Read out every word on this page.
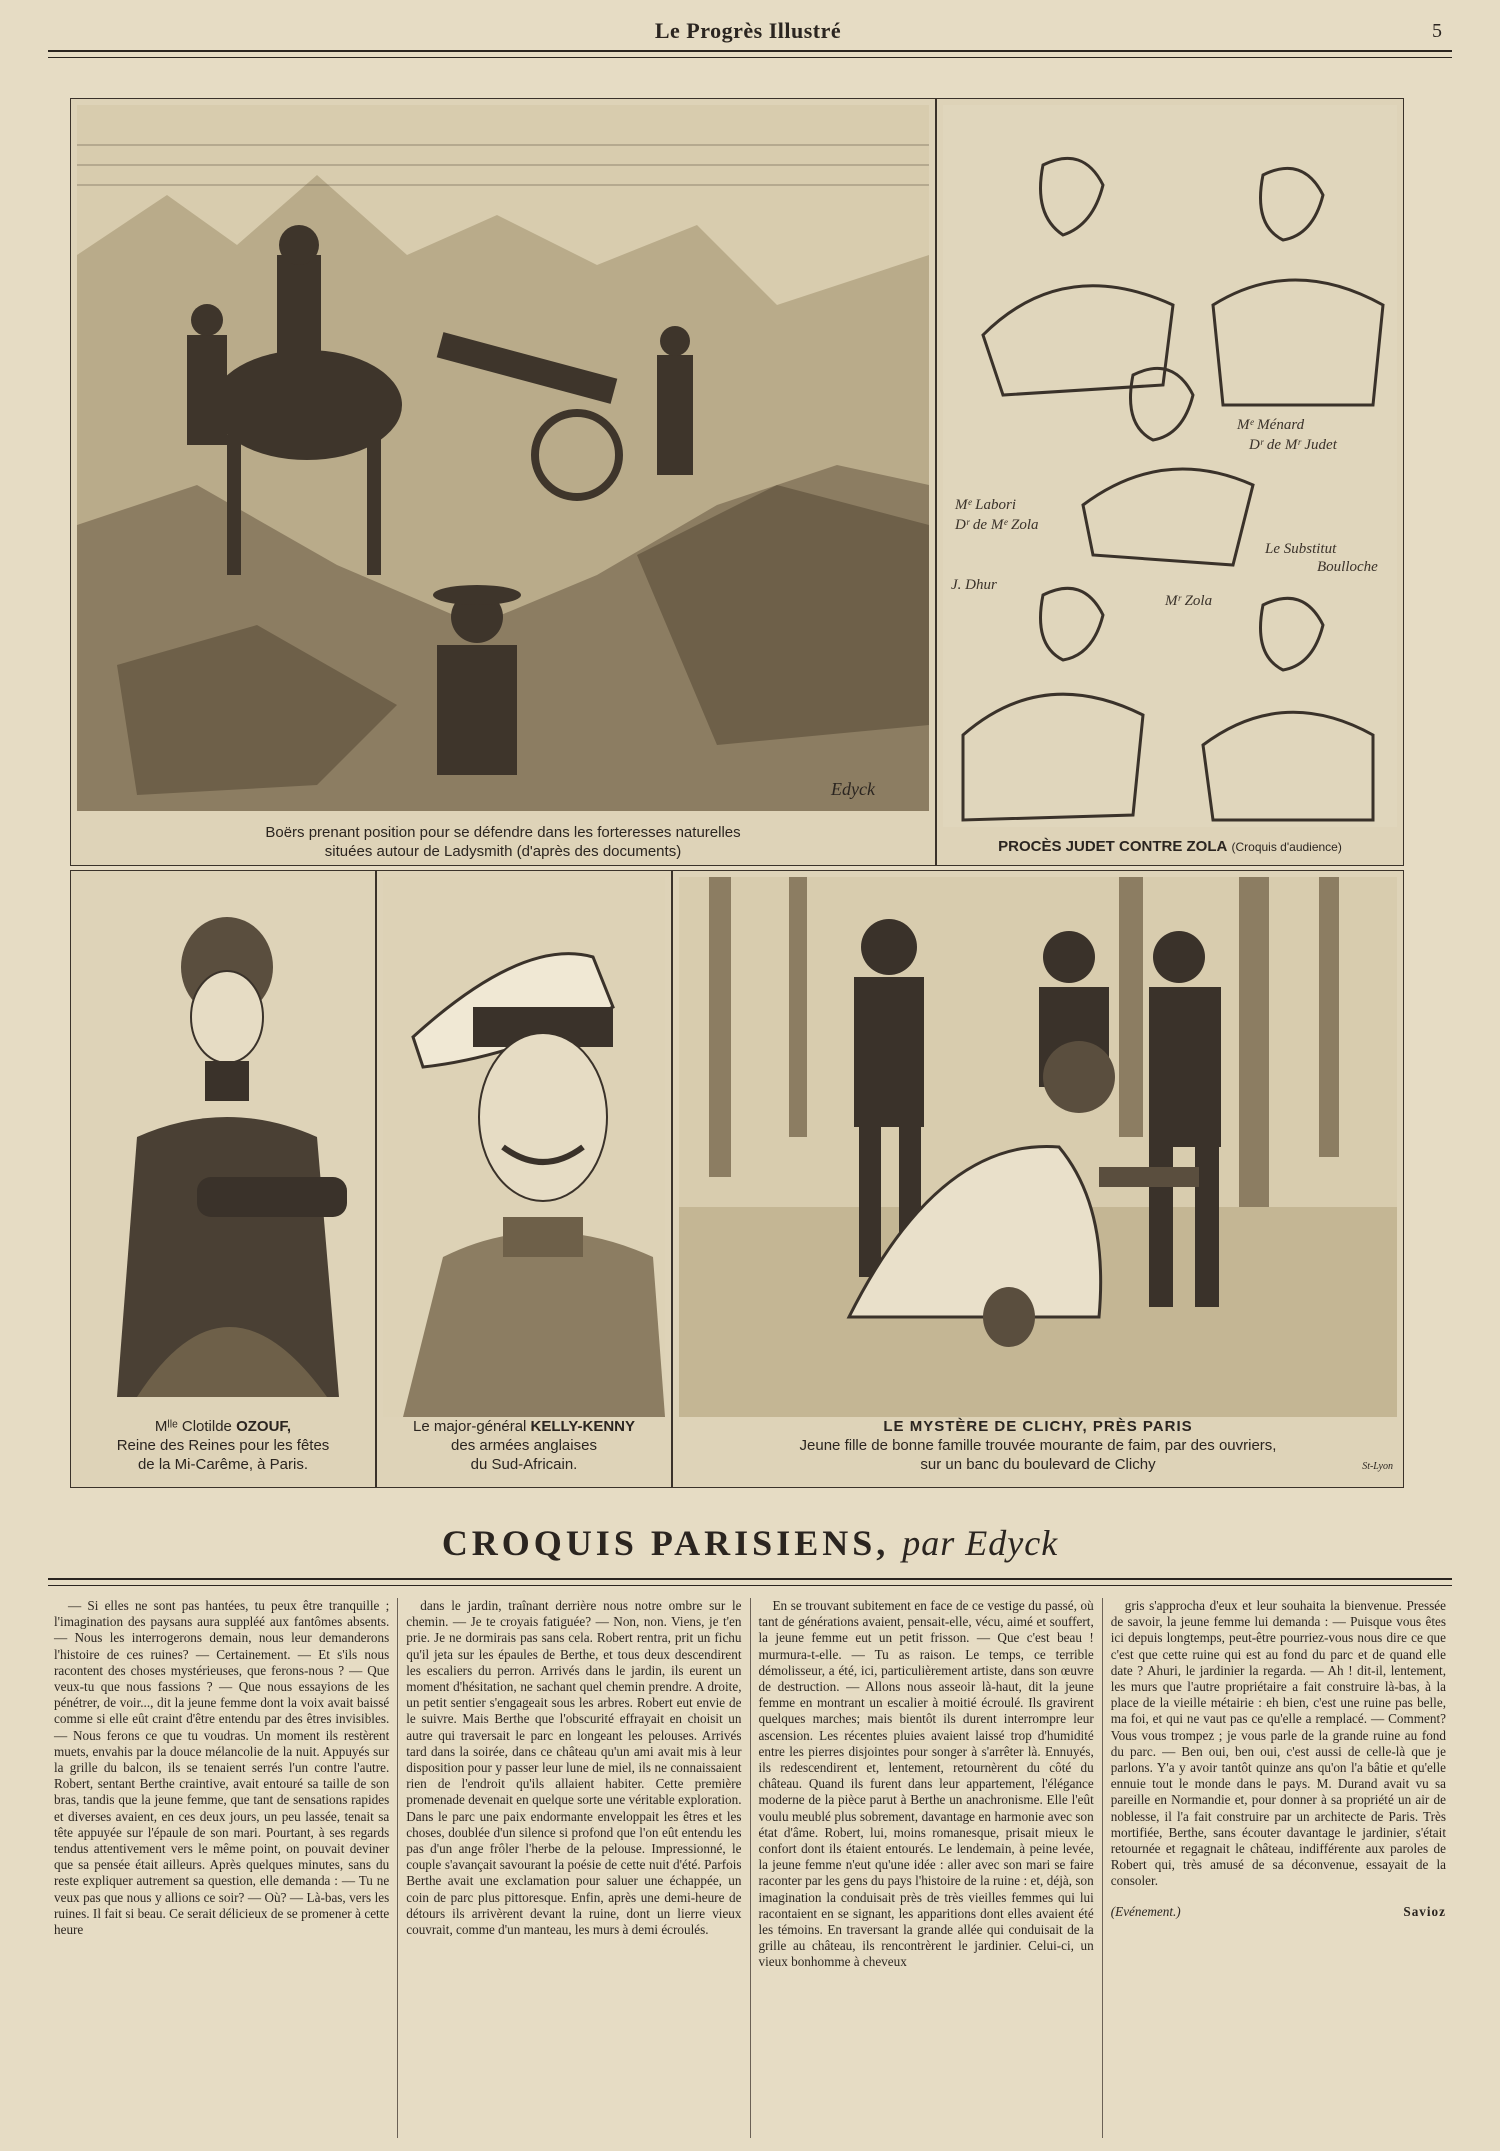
Le Progrès Illustré	5
Edyck
Boërs prenant position pour se défendre dans les forteresses naturelles
situées autour de Ladysmith (d'après des documents)
Mᵉ Ménard
Dʳ de Mʳ Judet
Mᵉ Labori
Dʳ de Mᵉ Zola
Le Substitut
Boulloche
J. Dhur
Mʳ Zola
PROCÈS JUDET CONTRE ZOLA (Croquis d'audience)
Mˡˡᵉ Clotilde OZOUF,
Reine des Reines pour les fêtes
de la Mi-Carême, à Paris.
Le major-général KELLY-KENNY
des armées anglaises
du Sud-Africain.
LE MYSTÈRE DE CLICHY, PRÈS PARIS
Jeune fille de bonne famille trouvée mourante de faim, par des ouvriers,
sur un banc du boulevard de Clichy	St-Lyon
CROQUIS PARISIENS, par Edyck

— Si elles ne sont pas hantées, tu peux être tranquille ; l'imagination des paysans aura suppléé aux fantômes absents. — Nous les interrogerons demain, nous leur demanderons l'histoire de ces ruines? — Certainement. — Et s'ils nous racontent des choses mystérieuses, que ferons-nous ? — Que veux-tu que nous fassions ? — Que nous essayions de les pénétrer, de voir..., dit la jeune femme dont la voix avait baissé comme si elle eût craint d'être entendu par des êtres invisibles. — Nous ferons ce que tu voudras. Un moment ils restèrent muets, envahis par la douce mélancolie de la nuit. Appuyés sur la grille du balcon, ils se tenaient serrés l'un contre l'autre. Robert, sentant Berthe craintive, avait entouré sa taille de son bras, tandis que la jeune femme, que tant de sensations rapides et diverses avaient, en ces deux jours, un peu lassée, tenait sa tête appuyée sur l'épaule de son mari. Pourtant, à ses regards tendus attentivement vers le même point, on pouvait deviner que sa pensée était ailleurs. Après quelques minutes, sans du reste expliquer autrement sa question, elle demanda : — Tu ne veux pas que nous y allions ce soir? — Où? — Là-bas, vers les ruines. Il fait si beau. Ce serait délicieux de se promener à cette heure

dans le jardin, traînant derrière nous notre ombre sur le chemin. — Je te croyais fatiguée? — Non, non. Viens, je t'en prie. Je ne dormirais pas sans cela. Robert rentra, prit un fichu qu'il jeta sur les épaules de Berthe, et tous deux descendirent les escaliers du perron. Arrivés dans le jardin, ils eurent un moment d'hésitation, ne sachant quel chemin prendre. A droite, un petit sentier s'engageait sous les arbres. Robert eut envie de le suivre. Mais Berthe que l'obscurité effrayait en choisit un autre qui traversait le parc en longeant les pelouses. Arrivés tard dans la soirée, dans ce château qu'un ami avait mis à leur disposition pour y passer leur lune de miel, ils ne connaissaient rien de l'endroit qu'ils allaient habiter. Cette première promenade devenait en quelque sorte une véritable exploration. Dans le parc une paix endormante enveloppait les êtres et les choses, doublée d'un silence si profond que l'on eût entendu les pas d'un ange frôler l'herbe de la pelouse. Impressionné, le couple s'avançait savourant la poésie de cette nuit d'été. Parfois Berthe avait une exclamation pour saluer une échappée, un coin de parc plus pittoresque. Enfin, après une demi-heure de détours ils arrivèrent devant la ruine, dont un lierre vieux couvrait, comme d'un manteau, les murs à demi écroulés.

En se trouvant subitement en face de ce vestige du passé, où tant de générations avaient, pensait-elle, vécu, aimé et souffert, la jeune femme eut un petit frisson. — Que c'est beau ! murmura-t-elle. — Tu as raison. Le temps, ce terrible démolisseur, a été, ici, particulièrement artiste, dans son œuvre de destruction. — Allons nous asseoir là-haut, dit la jeune femme en montrant un escalier à moitié écroulé. Ils gravirent quelques marches; mais bientôt ils durent interrompre leur ascension. Les récentes pluies avaient laissé trop d'humidité entre les pierres disjointes pour songer à s'arrêter là. Ennuyés, ils redescendirent et, lentement, retournèrent du côté du château. Quand ils furent dans leur appartement, l'élégance moderne de la pièce parut à Berthe un anachronisme. Elle l'eût voulu meublé plus sobrement, davantage en harmonie avec son état d'âme. Robert, lui, moins romanesque, prisait mieux le confort dont ils étaient entourés. Le lendemain, à peine levée, la jeune femme n'eut qu'une idée : aller avec son mari se faire raconter par les gens du pays l'histoire de la ruine : et, déjà, son imagination la conduisait près de très vieilles femmes qui lui racontaient en se signant, les apparitions dont elles avaient été les témoins. En traversant la grande allée qui conduisait de la grille au château, ils rencontrèrent le jardinier. Celui-ci, un vieux bonhomme à cheveux

gris s'approcha d'eux et leur souhaita la bienvenue. Pressée de savoir, la jeune femme lui demanda : — Puisque vous êtes ici depuis longtemps, peut-être pourriez-vous nous dire ce que c'est que cette ruine qui est au fond du parc et de quand elle date ? Ahuri, le jardinier la regarda. — Ah ! dit-il, lentement, les murs que l'autre propriétaire a fait construire là-bas, à la place de la vieille métairie : eh bien, c'est une ruine pas belle, ma foi, et qui ne vaut pas ce qu'elle a remplacé. — Comment? Vous vous trompez ; je vous parle de la grande ruine au fond du parc. — Ben oui, ben oui, c'est aussi de celle-là que je parlons. Y'a y avoir tantôt quinze ans qu'on l'a bâtie et qu'elle ennuie tout le monde dans le pays. M. Durand avait vu sa pareille en Normandie et, pour donner à sa propriété un air de noblesse, il l'a fait construire par un architecte de Paris. Très mortifiée, Berthe, sans écouter davantage le jardinier, s'était retournée et regagnait le château, indifférente aux paroles de Robert qui, très amusé de sa déconvenue, essayait de la consoler.

(Evénement.)	Savioz
